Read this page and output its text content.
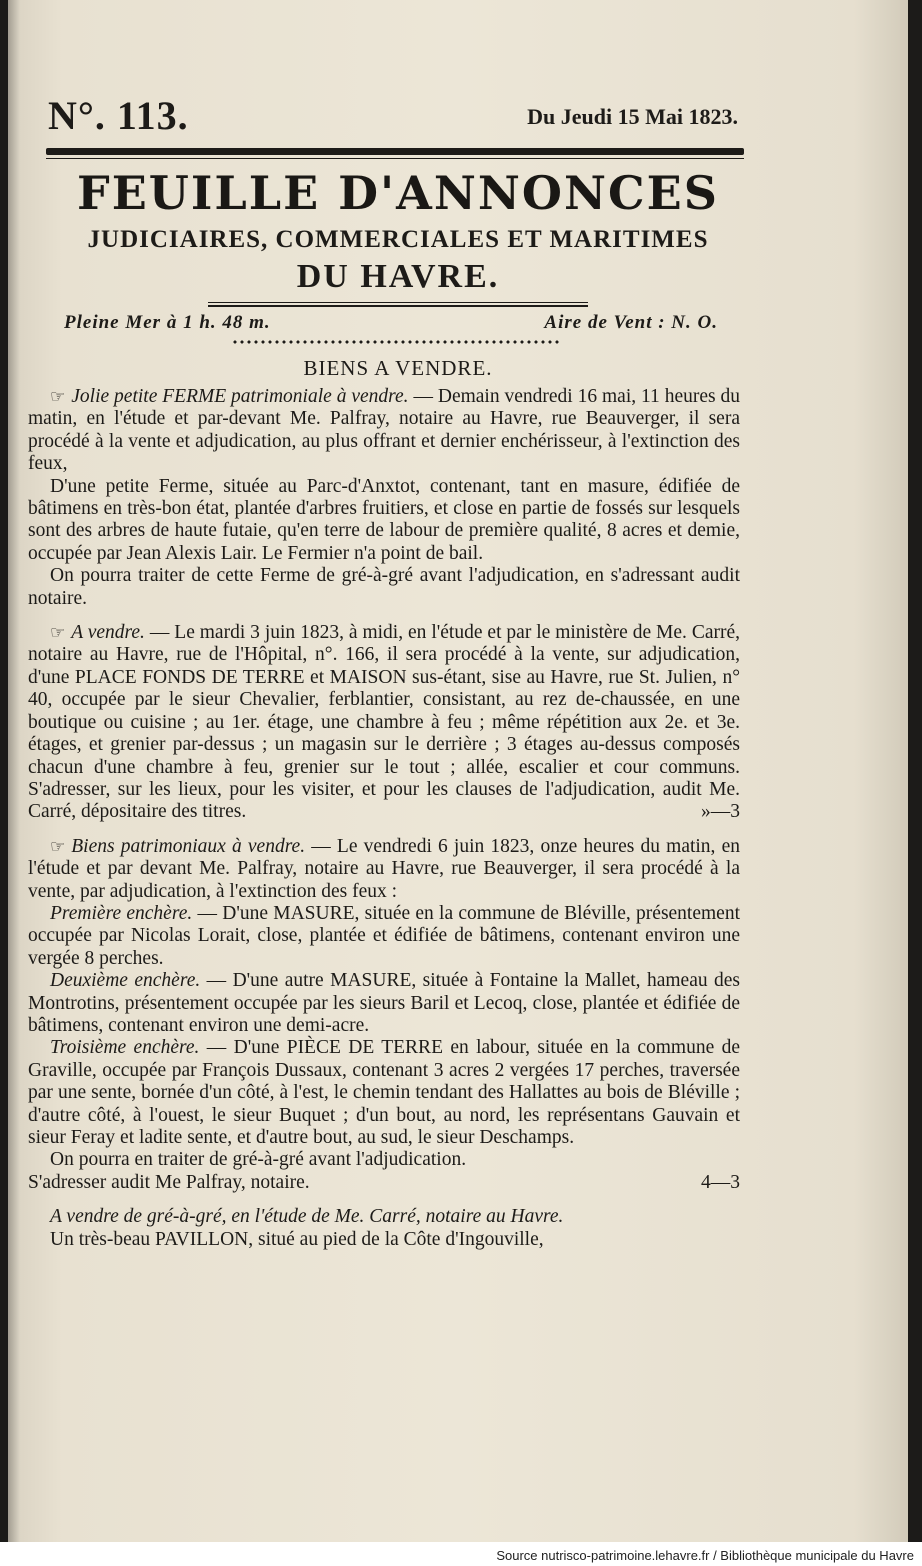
N°. 113.	Du Jeudi 15 Mai 1823.
FEUILLE D'ANNONCES
JUDICIAIRES, COMMERCIALES ET MARITIMES
DU HAVRE.
Pleine Mer à 1 h. 48 m.	Aire de Vent : N. O.
BIENS A VENDRE.

☞ Jolie petite FERME patrimoniale à vendre. — Demain vendredi 16 mai, 11 heures du matin, en l'étude et par-devant Me. Palfray, notaire au Havre, rue Beauverger, il sera procédé à la vente et adjudication, au plus offrant et dernier enchérisseur, à l'extinction des feux,

D'une petite Ferme, située au Parc-d'Anxtot, contenant, tant en masure, édifiée de bâtimens en très-bon état, plantée d'arbres fruitiers, et close en partie de fossés sur lesquels sont des arbres de haute futaie, qu'en terre de labour de première qualité, 8 acres et demie, occupée par Jean Alexis Lair. Le Fermier n'a point de bail.

On pourra traiter de cette Ferme de gré-à-gré avant l'adjudication, en s'adressant audit notaire.

☞ A vendre. — Le mardi 3 juin 1823, à midi, en l'étude et par le ministère de Me. Carré, notaire au Havre, rue de l'Hôpital, n°. 166, il sera procédé à la vente, sur adjudication, d'une PLACE FONDS DE TERRE et MAISON sus-étant, sise au Havre, rue St. Julien, n° 40, occupée par le sieur Chevalier, ferblantier, consistant, au rez de-chaussée, en une boutique ou cuisine ; au 1er. étage, une chambre à feu ; même répétition aux 2e. et 3e. étages, et grenier par-dessus ; un magasin sur le derrière ; 3 étages au-dessus composés chacun d'une chambre à feu, grenier sur le tout ; allée, escalier et cour communs. S'adresser, sur les lieux, pour les visiter, et pour les clauses de l'adjudication, audit Me. Carré, dépositaire des titres.	»—3

☞ Biens patrimoniaux à vendre. — Le vendredi 6 juin 1823, onze heures du matin, en l'étude et par devant Me. Palfray, notaire au Havre, rue Beauverger, il sera procédé à la vente, par adjudication, à l'extinction des feux :

Première enchère. — D'une MASURE, située en la commune de Bléville, présentement occupée par Nicolas Lorait, close, plantée et édifiée de bâtimens, contenant environ une vergée 8 perches.

Deuxième enchère. — D'une autre MASURE, située à Fontaine la Mallet, hameau des Montrotins, présentement occupée par les sieurs Baril et Lecoq, close, plantée et édifiée de bâtimens, contenant environ une demi-acre.

Troisième enchère. — D'une PIÈCE DE TERRE en labour, située en la commune de Graville, occupée par François Dussaux, contenant 3 acres 2 vergées 17 perches, traversée par une sente, bornée d'un côté, à l'est, le chemin tendant des Hallattes au bois de Bléville ; d'autre côté, à l'ouest, le sieur Buquet ; d'un bout, au nord, les représentans Gauvain et sieur Feray et ladite sente, et d'autre bout, au sud, le sieur Deschamps.

On pourra en traiter de gré-à-gré avant l'adjudication.

S'adresser audit Me Palfray, notaire.	4—3

A vendre de gré-à-gré, en l'étude de Me. Carré, notaire au Havre.

Un très-beau PAVILLON, situé au pied de la Côte d'Ingouville,

Source nutrisco-patrimoine.lehavre.fr / Bibliothèque municipale du Havre
